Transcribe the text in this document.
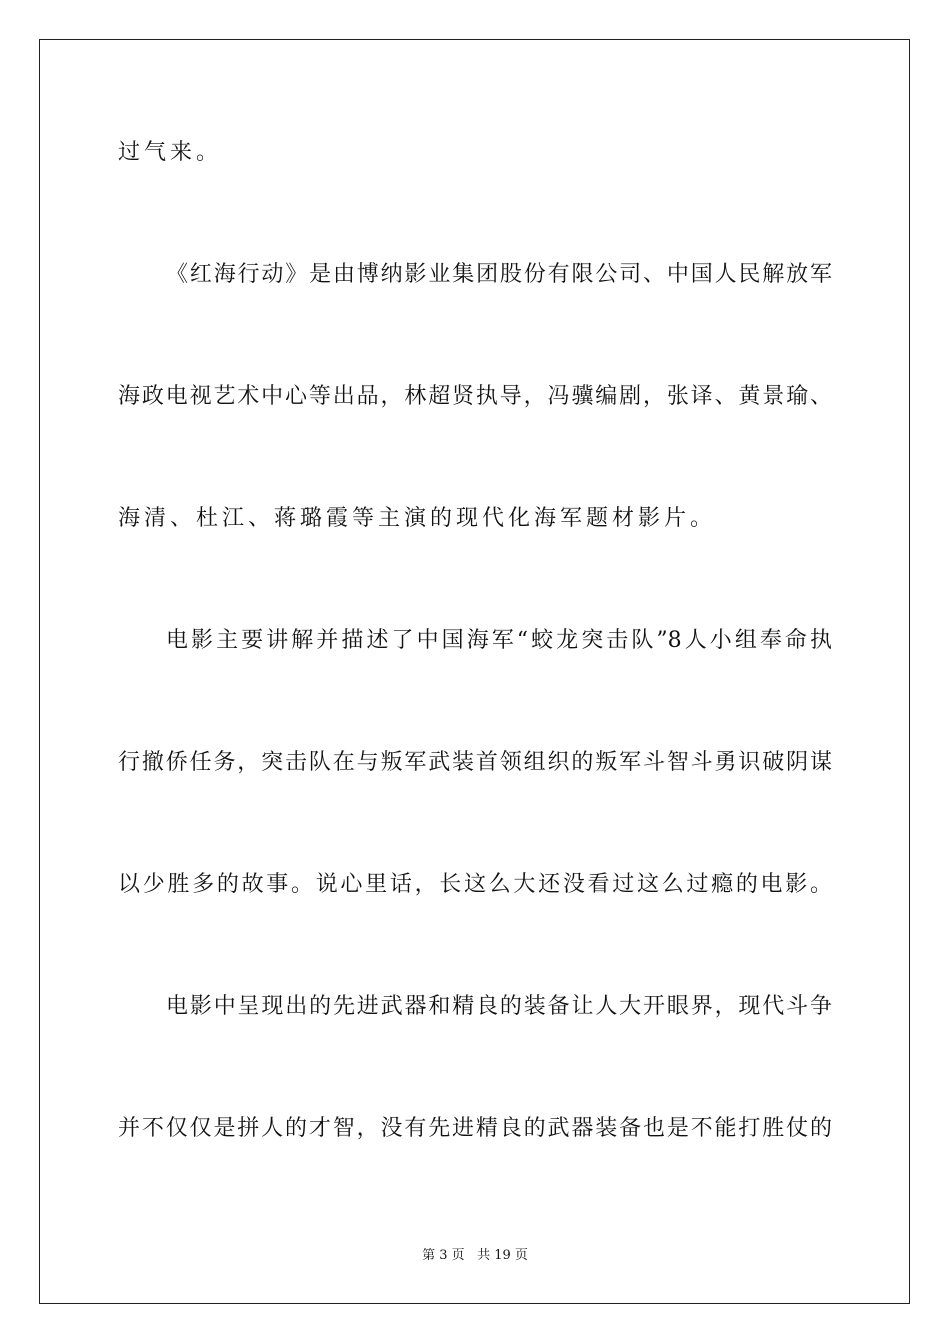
过气来。
《红海行动》是由博纳影业集团股份有限公司、中国人民解放军
海政电视艺术中心等出品，林超贤执导，冯骥编剧，张译、黄景瑜、
海清、杜江、蒋璐霞等主演的现代化海军题材影片。
电影主要讲解并描述了中国海军“蛟龙突击队”8人小组奉命执
行撤侨任务，突击队在与叛军武装首领组织的叛军斗智斗勇识破阴谋
以少胜多的故事。说心里话，长这么大还没看过这么过瘾的电影。
电影中呈现出的先进武器和精良的装备让人大开眼界，现代斗争
并不仅仅是拼人的才智，没有先进精良的武器装备也是不能打胜仗的
第 3 页 共 19 页
